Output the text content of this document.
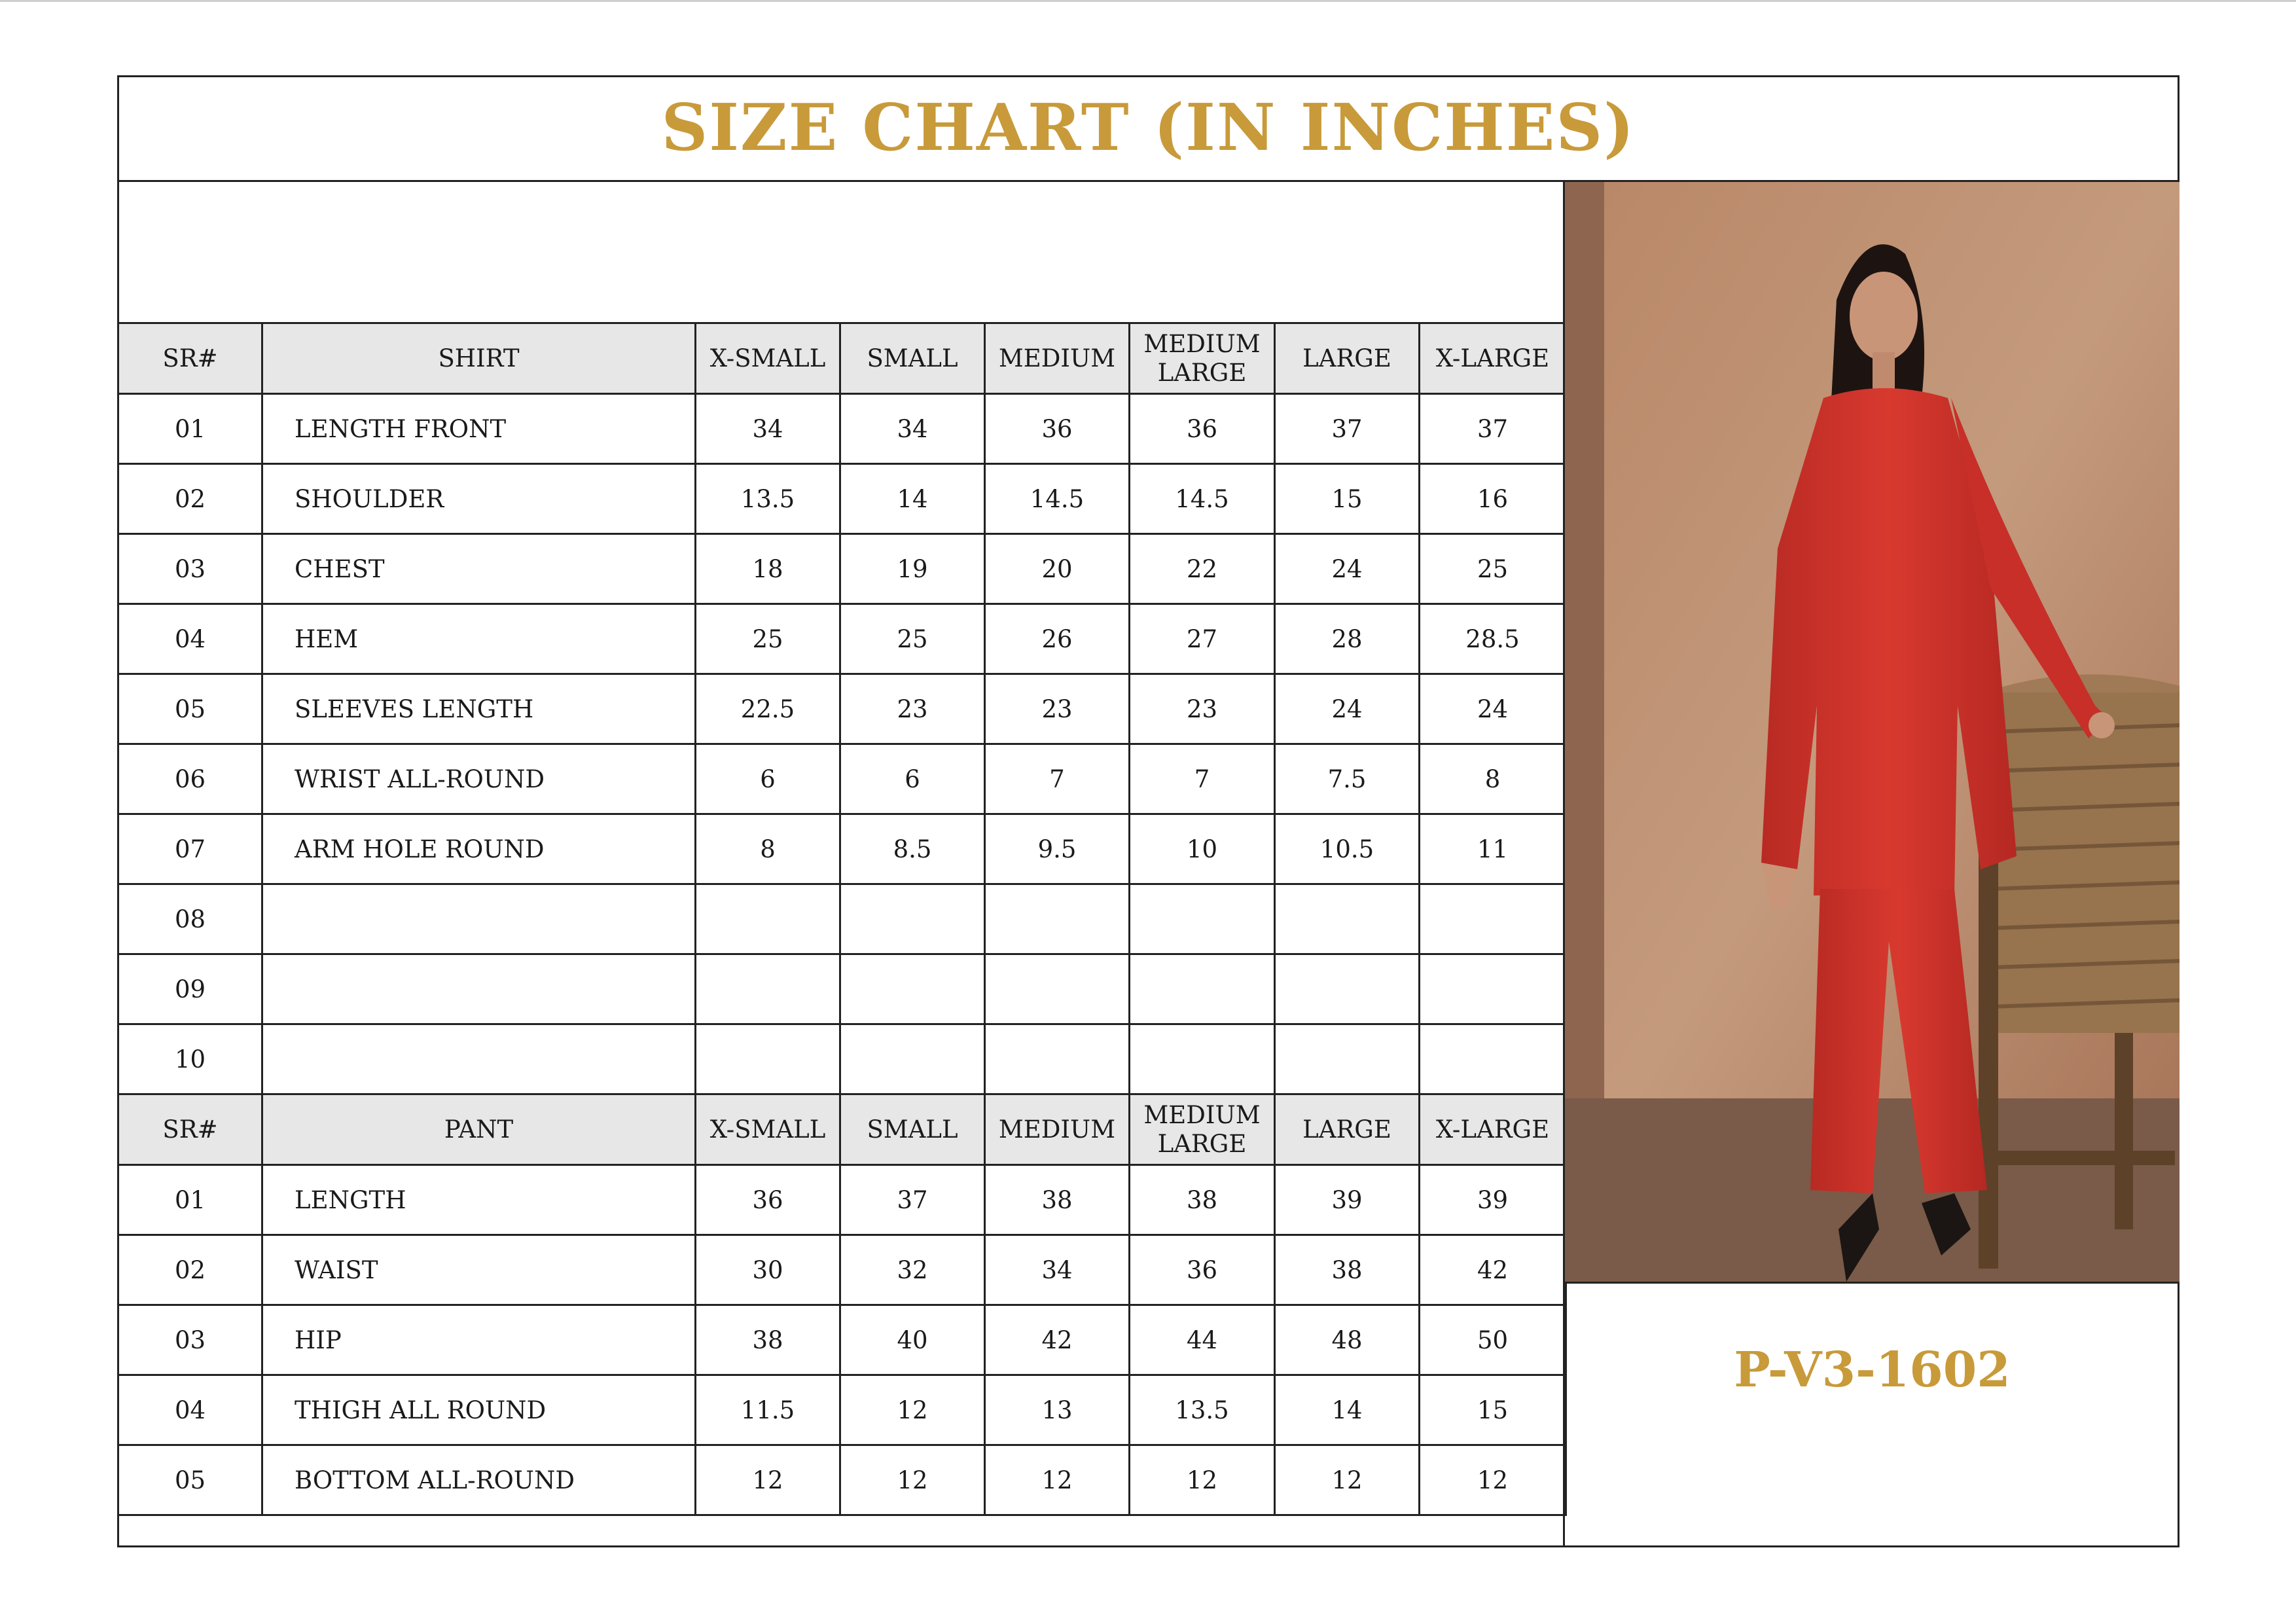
SIZE CHART (IN INCHES)
SR#	SHIRT	X-SMALL	SMALL	MEDIUM	MEDIUM LARGE	LARGE	X-LARGE
01	LENGTH FRONT	34	34	36	36	37	37
02	SHOULDER	13.5	14	14.5	14.5	15	16
03	CHEST	18	19	20	22	24	25
04	HEM	25	25	26	27	28	28.5
05	SLEEVES LENGTH	22.5	23	23	23	24	24
06	WRIST ALL-ROUND	6	6	7	7	7.5	8
07	ARM HOLE ROUND	8	8.5	9.5	10	10.5	11
08							
09							
10							
SR#	PANT	X-SMALL	SMALL	MEDIUM	MEDIUM LARGE	LARGE	X-LARGE
01	LENGTH	36	37	38	38	39	39
02	WAIST	30	32	34	36	38	42
03	HIP	38	40	42	44	48	50
04	THIGH ALL ROUND	11.5	12	13	13.5	14	15
05	BOTTOM ALL-ROUND	12	12	12	12	12	12
P-V3-1602
